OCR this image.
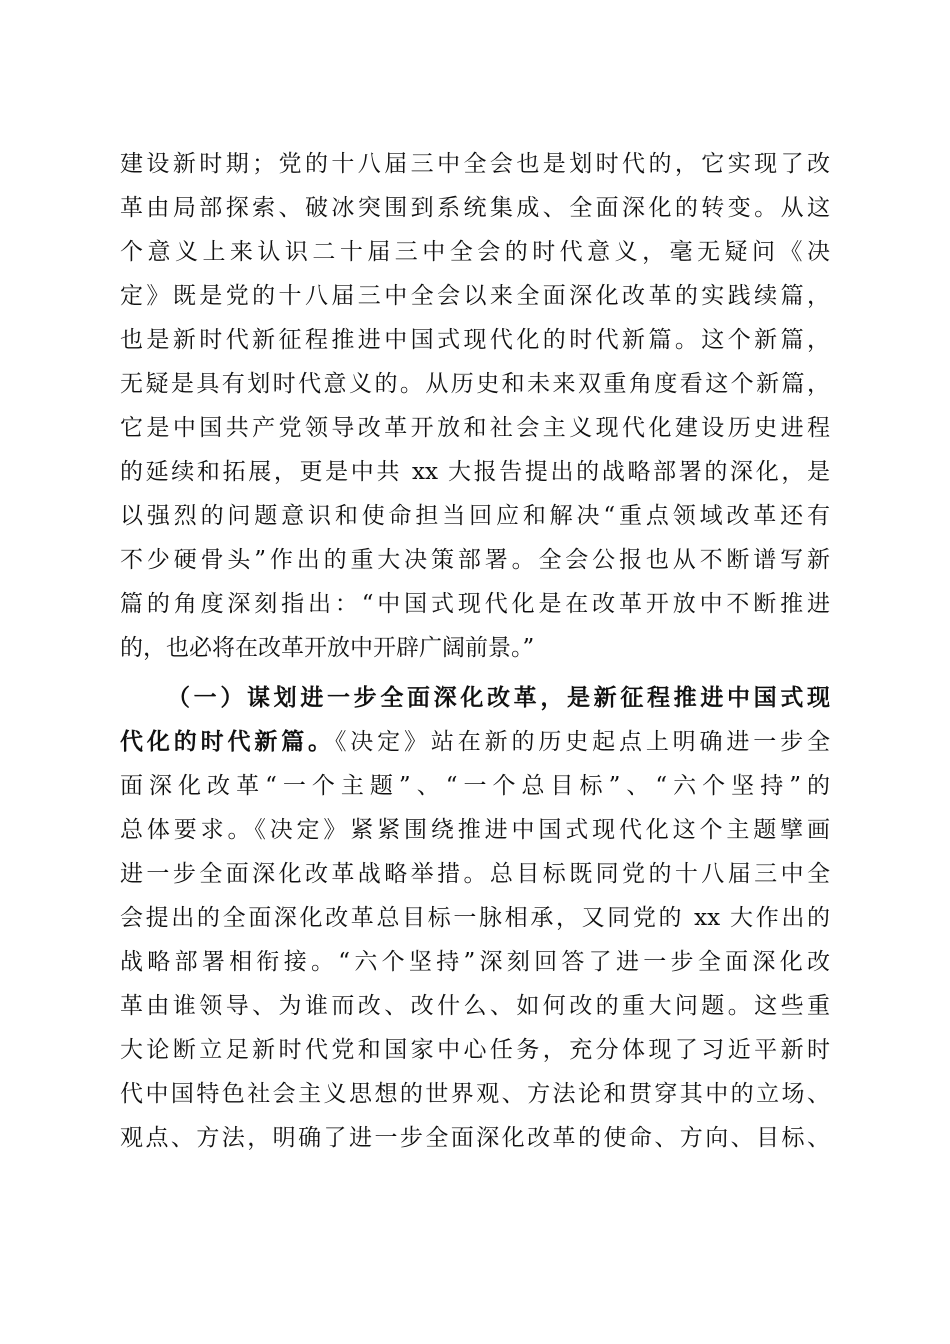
建设新时期；党的十八届三中全会也是划时代的，它实现了改
革由局部探索、破冰突围到系统集成、全面深化的转变。从这
个意义上来认识二十届三中全会的时代意义，毫无疑问《决
定》既是党的十八届三中全会以来全面深化改革的实践续篇，
也是新时代新征程推进中国式现代化的时代新篇。这个新篇，
无疑是具有划时代意义的。从历史和未来双重角度看这个新篇，
它是中国共产党领导改革开放和社会主义现代化建设历史进程
的延续和拓展，更是中共 xx 大报告提出的战略部署的深化，是
以强烈的问题意识和使命担当回应和解决“重点领域改革还有
不少硬骨头”作出的重大决策部署。全会公报也从不断谱写新
篇的角度深刻指出：“中国式现代化是在改革开放中不断推进
的，也必将在改革开放中开辟广阔前景。”
（一）谋划进一步全面深化改革，是新征程推进中国式现
代化的时代新篇。《决定》站在新的历史起点上明确进一步全
面深化改革“一个主题”、“一个总目标”、“六个坚持”的
总体要求。《决定》紧紧围绕推进中国式现代化这个主题擘画
进一步全面深化改革战略举措。总目标既同党的十八届三中全
会提出的全面深化改革总目标一脉相承，又同党的 xx 大作出的
战略部署相衔接。“六个坚持”深刻回答了进一步全面深化改
革由谁领导、为谁而改、改什么、如何改的重大问题。这些重
大论断立足新时代党和国家中心任务，充分体现了习近平新时
代中国特色社会主义思想的世界观、方法论和贯穿其中的立场、
观点、方法，明确了进一步全面深化改革的使命、方向、目标、
